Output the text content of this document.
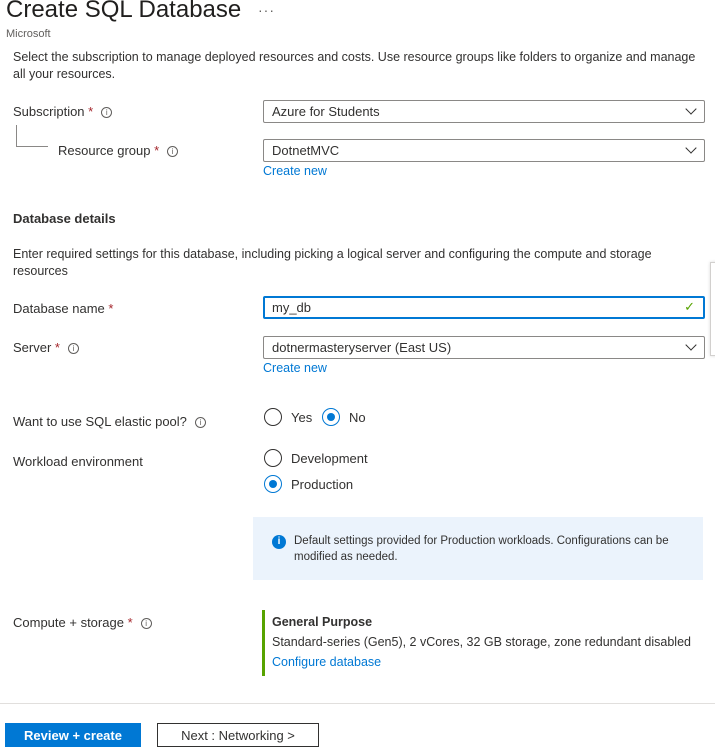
Create SQL Database ···
Microsoft
Select the subscription to manage deployed resources and costs. Use resource groups like folders to organize and manage all your resources.
Subscription * i	Azure for Students
Resource group * i	DotnetMVC
Create new
Database details
Enter required settings for this database, including picking a logical server and configuring the compute and storage resources
Database name *	my_db	✓
Server * i	dotnermasteryserver (East US)
Create new
Want to use SQL elastic pool? i	Yes	No
Workload environment	Development
Production
i	Default settings provided for Production workloads. Configurations can be modified as needed.
Compute + storage * i	General Purpose
Standard-series (Gen5), 2 vCores, 32 GB storage, zone redundant disabled
Configure database
Review + create	Next : Networking >
